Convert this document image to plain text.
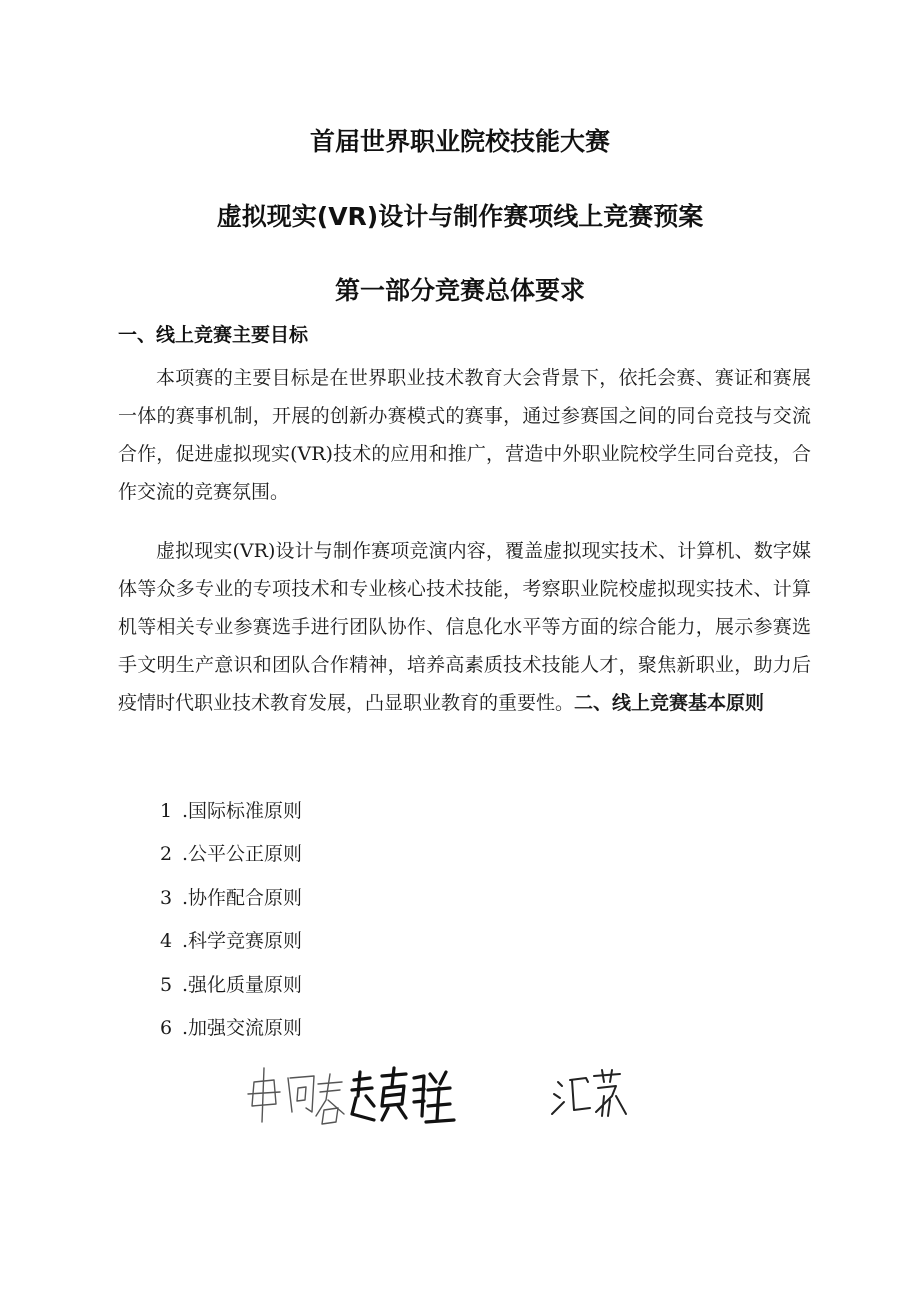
首届世界职业院校技能大赛
虚拟现实(VR)设计与制作赛项线上竞赛预案
第一部分竞赛总体要求
一、线上竞赛主要目标
本项赛的主要目标是在世界职业技术教育大会背景下，依托会赛、赛证和赛展一体的赛事机制，开展的创新办赛模式的赛事，通过参赛国之间的同台竞技与交流合作，促进虚拟现实(VR)技术的应用和推广，营造中外职业院校学生同台竞技，合作交流的竞赛氛围。
虚拟现实(VR)设计与制作赛项竞演内容，覆盖虚拟现实技术、计算机、数字媒体等众多专业的专项技术和专业核心技术技能，考察职业院校虚拟现实技术、计算机等相关专业参赛选手进行团队协作、信息化水平等方面的综合能力，展示参赛选手文明生产意识和团队合作精神，培养高素质技术技能人才，聚焦新职业，助力后疫情时代职业技术教育发展，凸显职业教育的重要性。二、线上竞赛基本原则
1 .国际标准原则
2 .公平公正原则
3 .协作配合原则
4 .科学竞赛原则
5 .强化质量原则
6 .加强交流原则
